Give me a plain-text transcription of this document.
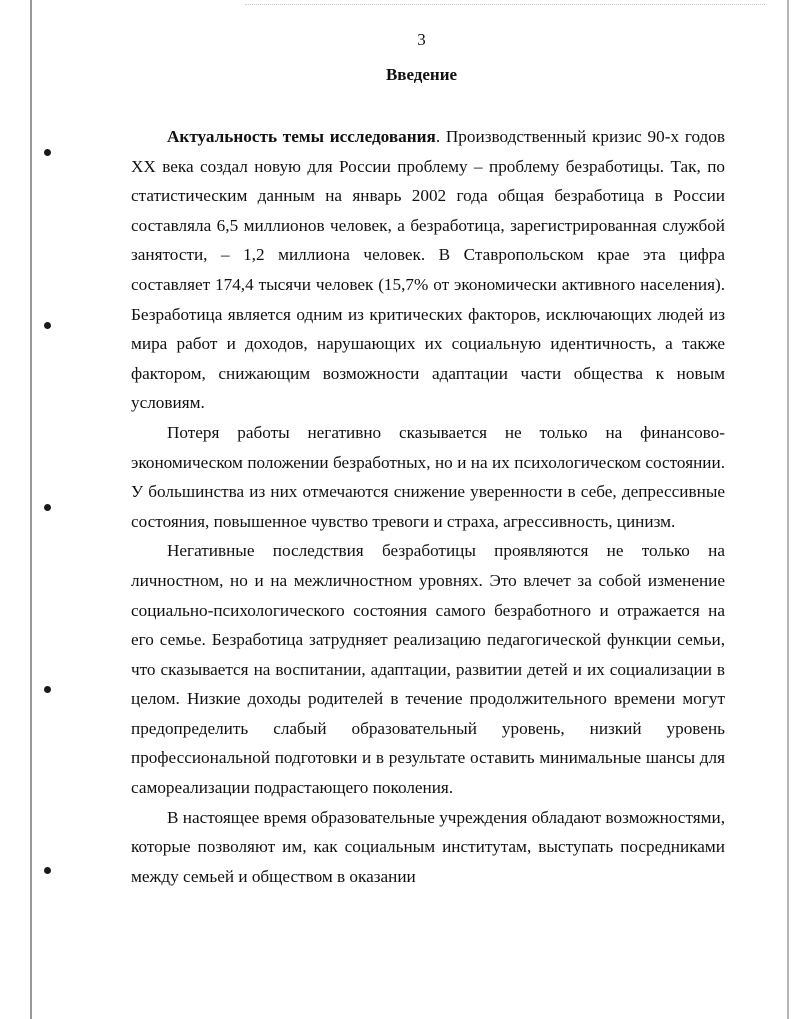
3
Введение

Актуальность темы исследования. Производственный кризис 90-х годов XX века создал новую для России проблему – проблему безработицы. Так, по статистическим данным на январь 2002 года общая безработица в России составляла 6,5 миллионов человек, а безработица, зарегистрированная службой занятости, – 1,2 миллиона человек. В Ставропольском крае эта цифра составляет 174,4 тысячи человек (15,7% от экономически активного населения). Безработица является одним из критических факторов, исключающих людей из мира работ и доходов, нарушающих их социальную идентичность, а также фактором, снижающим возможности адаптации части общества к новым условиям.

Потеря работы негативно сказывается не только на финансово-экономическом положении безработных, но и на их психологическом состоянии. У большинства из них отмечаются снижение уверенности в себе, депрессивные состояния, повышенное чувство тревоги и страха, агрессивность, цинизм.

Негативные последствия безработицы проявляются не только на личностном, но и на межличностном уровнях. Это влечет за собой изменение социально-психологического состояния самого безработного и отражается на его семье. Безработица затрудняет реализацию педагогической функции семьи, что сказывается на воспитании, адаптации, развитии детей и их социализации в целом. Низкие доходы родителей в течение продолжительного времени могут предопределить слабый образовательный уровень, низкий уровень профессиональной подготовки и в результате оставить минимальные шансы для самореализации подрастающего поколения.

В настоящее время образовательные учреждения обладают возможностями, которые позволяют им, как социальным институтам, выступать посредниками между семьей и обществом в оказании
